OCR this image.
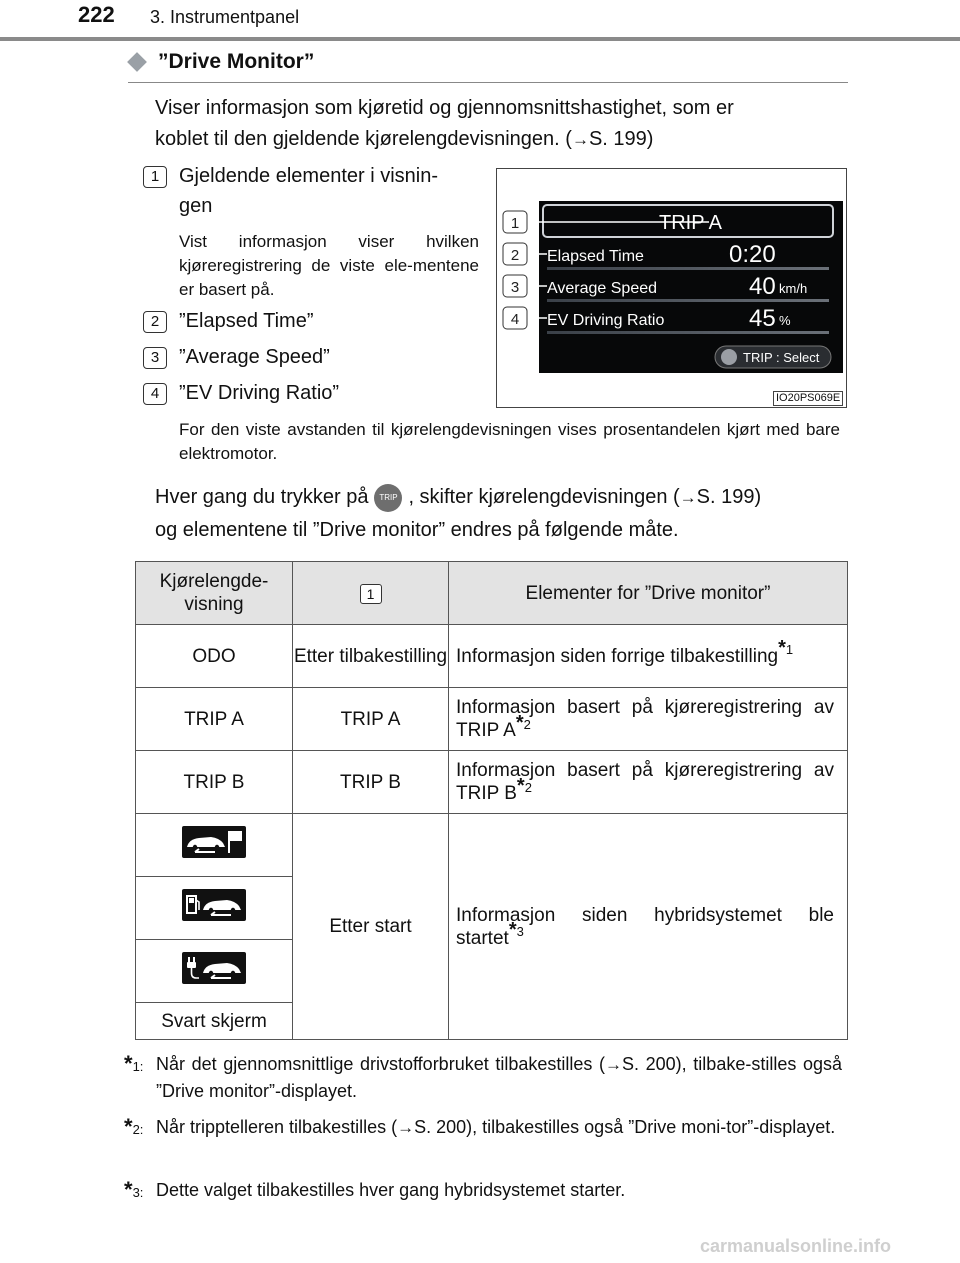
222 3. Instrumentpanel
”Drive Monitor”
Viser informasjon som kjøretid og gjennomsnittshastighet, som er
koblet til den gjeldende kjørelengdevisningen. (→S. 199)
1 Gjeldende elementer i visnin-
gen
Vist informasjon viser hvilken kjøreregistrering de viste ele-mentene er basert på.
2 ”Elapsed Time”
3 ”Average Speed”
4 ”EV Driving Ratio”
For den viste avstanden til kjørelengdevisningen vises prosentandelen kjørt med bare elektromotor.
1
2
3
4
TRIP A
Elapsed Time	0:20
Average Speed	40 km/h
EV Driving Ratio	45 %
TRIP : Select
IO20PS069E
Hver gang du trykker på TRIP , skifter kjørelengdevisningen (→S. 199)
og elementene til ”Drive monitor” endres på følgende måte.
Kjørelengde-visning	1	Elementer for ”Drive monitor”
ODO	Etter tilbakestilling	Informasjon siden forrige tilbakestilling$^{*1}$
TRIP A	TRIP A	Informasjon basert på kjøreregistrering av TRIP $A^{*2}$
TRIP B	TRIP B	Informasjon basert på kjøreregistrering av TRIP $B^{*2}$
	Etter start	Informasjon siden hybridsystemet ble startet$^{*3}$

Svart skjerm		
*1: Når det gjennomsnittlige drivstofforbruket tilbakestilles (→S. 200), tilbake-stilles også ”Drive monitor”-displayet.
*2: Når tripptelleren tilbakestilles (→S. 200), tilbakestilles også ”Drive moni-tor”-displayet.
*3: Dette valget tilbakestilles hver gang hybridsystemet starter.
carmanualsonline.info
